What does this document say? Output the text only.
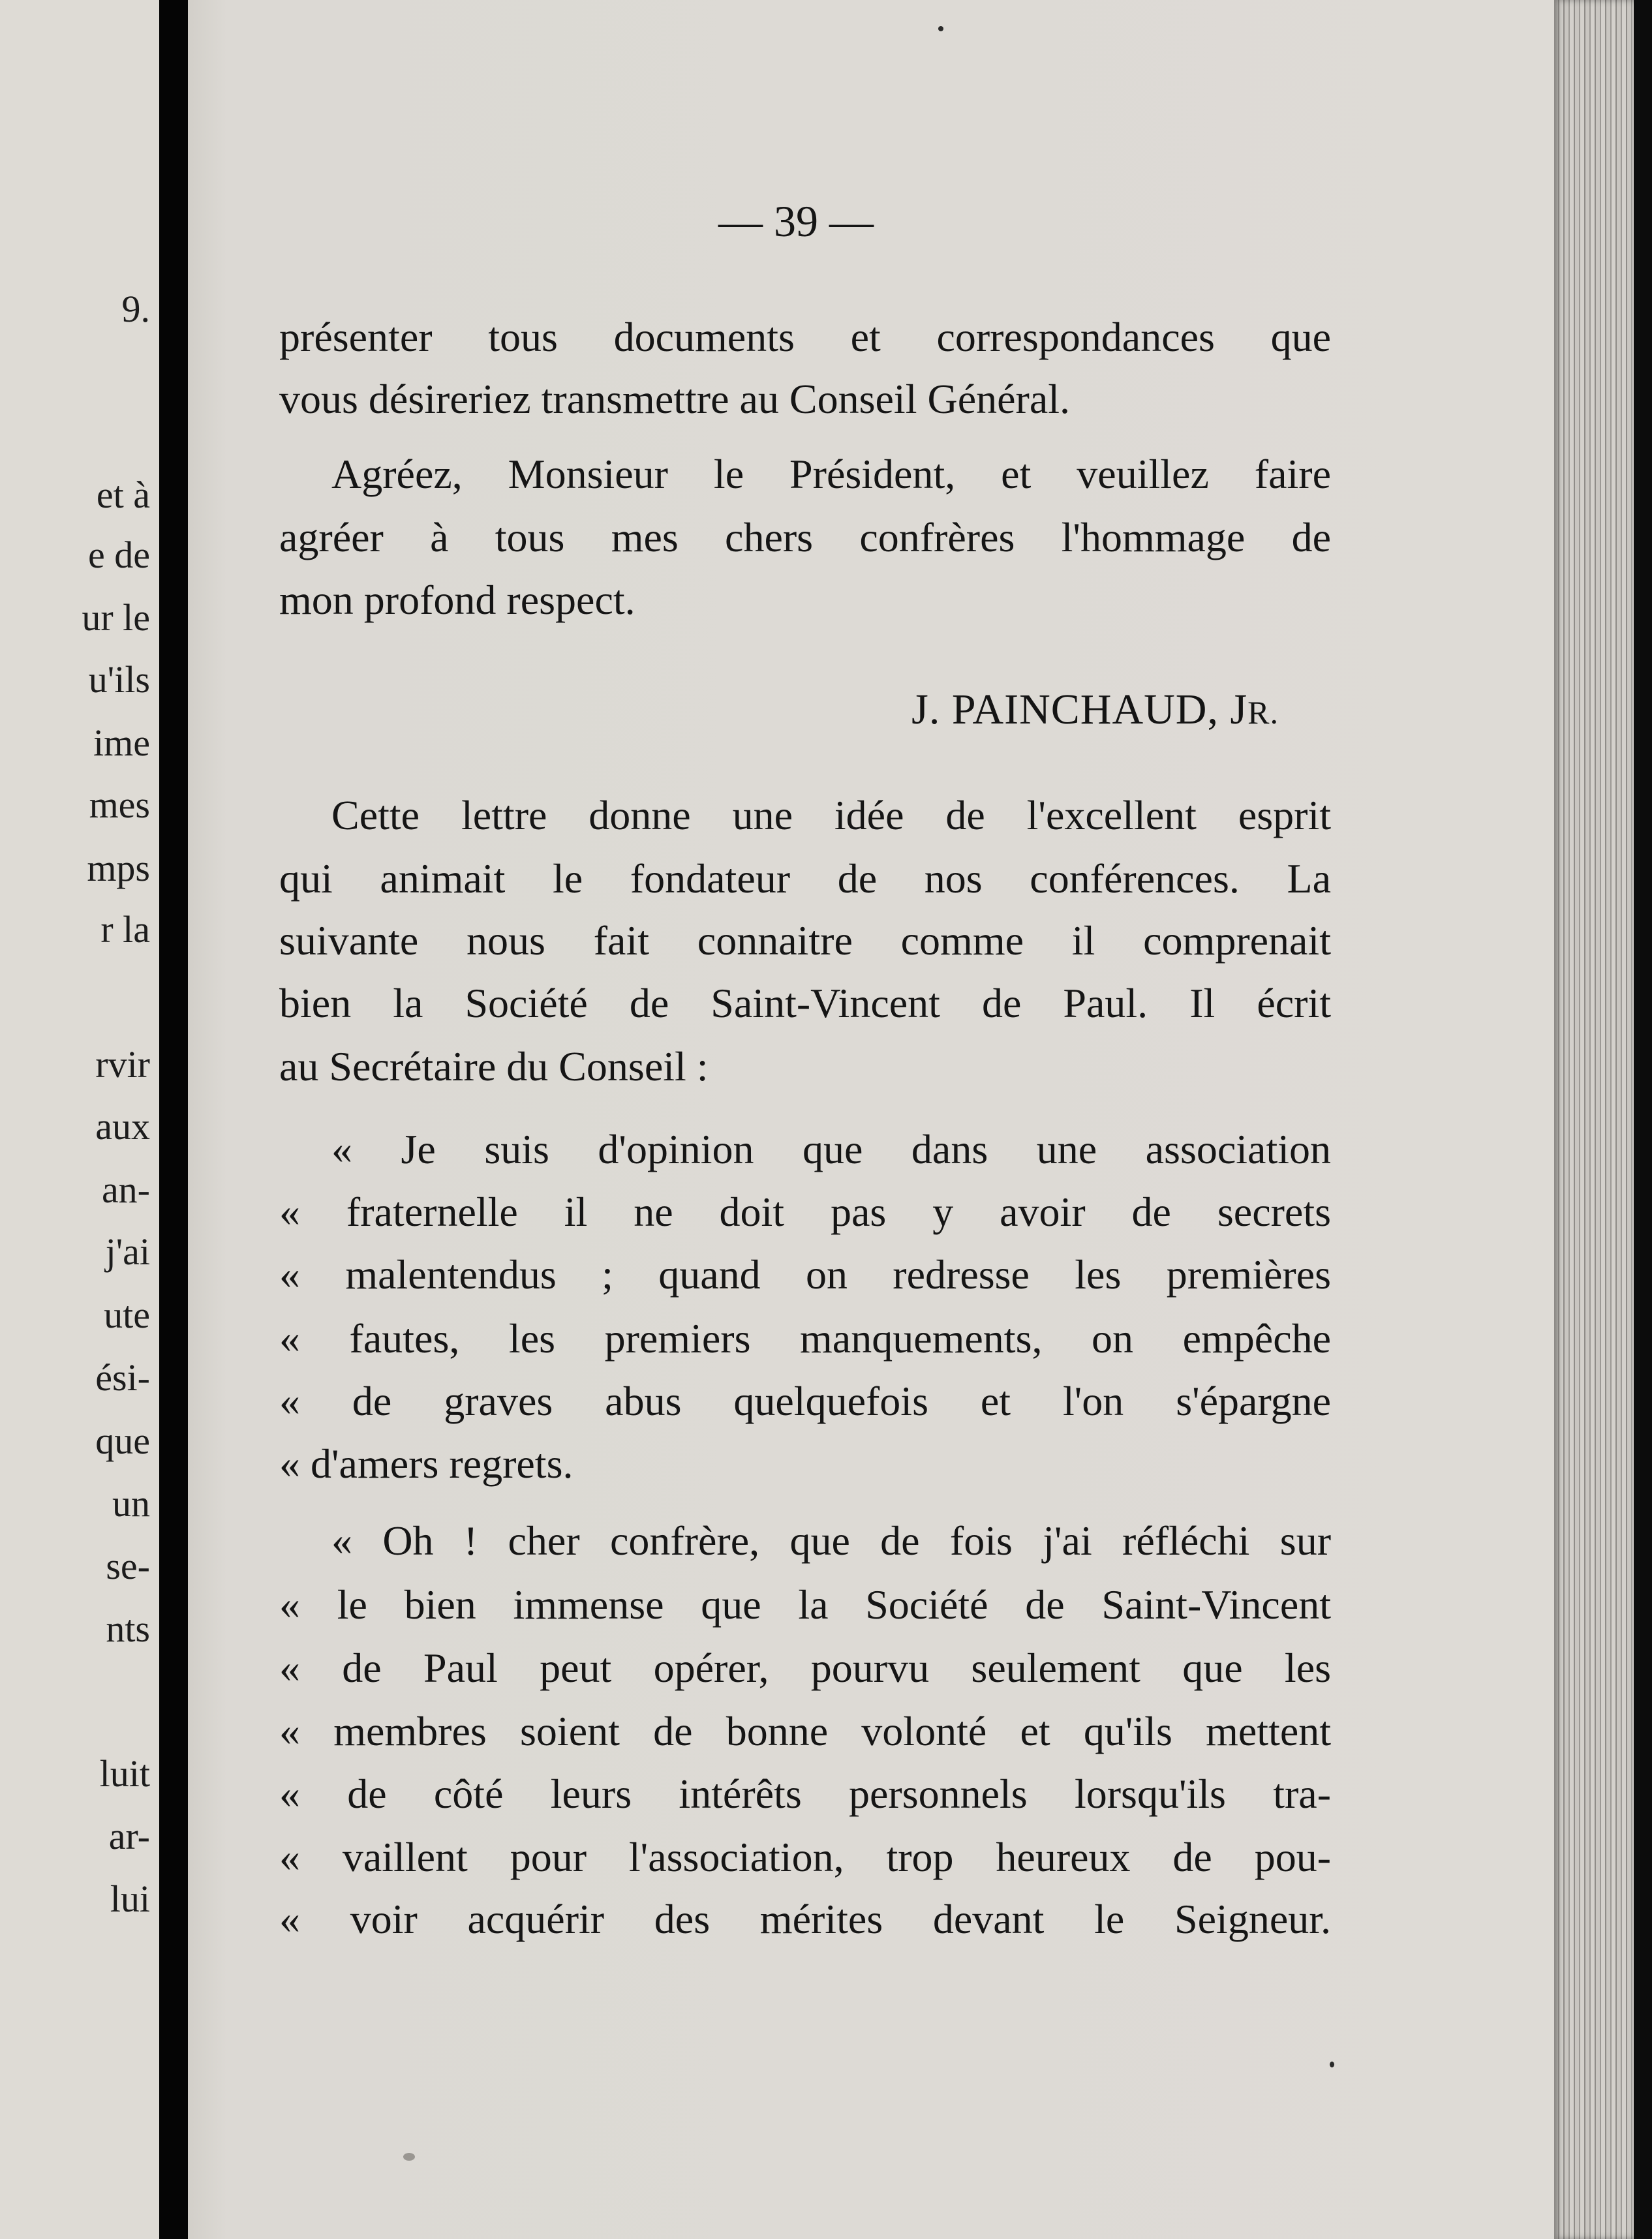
9.
et à
e de
ur le
u'ils
ime
mes
mps
r la
rvir
aux
an-
j'ai
ute
ési-
que
un
se-
nts
luit
ar-
lui
— 39 —
présenter tous documents et correspondances que
vous désireriez transmettre au Conseil Général.
Agréez, Monsieur le Président, et veuillez faire
agréer à tous mes chers confrères l'hommage de
mon profond respect.
J. PAINCHAUD, JR.
Cette lettre donne une idée de l'excellent esprit
qui animait le fondateur de nos conférences. La
suivante nous fait connaitre comme il comprenait
bien la Société de Saint-Vincent de Paul. Il écrit
au Secrétaire du Conseil :
« Je suis d'opinion que dans une association
« fraternelle il ne doit pas y avoir de secrets
« malentendus ; quand on redresse les premières
« fautes, les premiers manquements, on empêche
« de graves abus quelquefois et l'on s'épargne
« d'amers regrets.
« Oh ! cher confrère, que de fois j'ai réfléchi sur
« le bien immense que la Société de Saint-Vincent
« de Paul peut opérer, pourvu seulement que les
« membres soient de bonne volonté et qu'ils mettent
« de côté leurs intérêts personnels lorsqu'ils tra-
« vaillent pour l'association, trop heureux de pou-
« voir acquérir des mérites devant le Seigneur.
